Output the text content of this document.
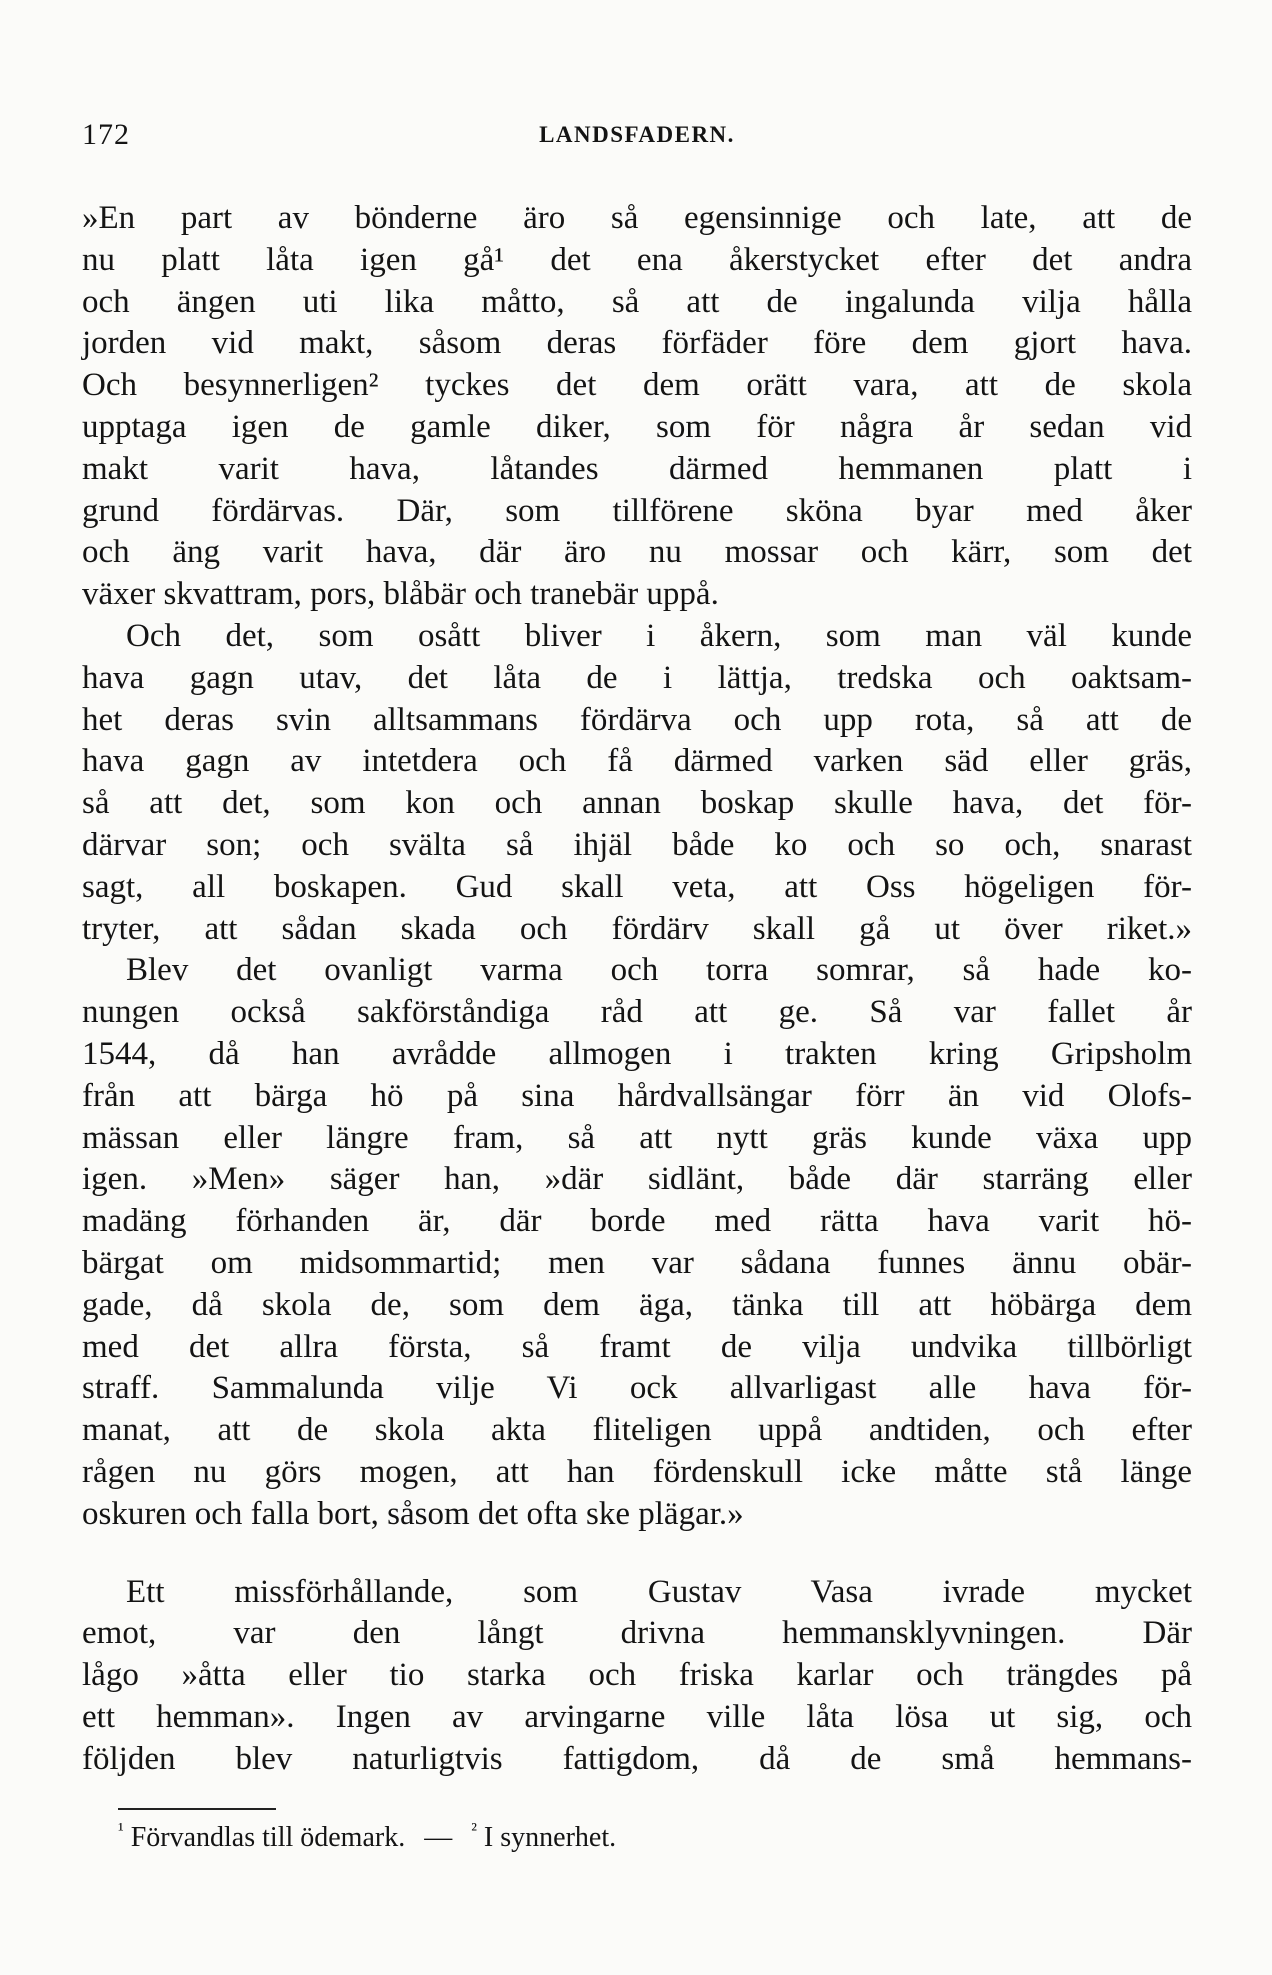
172	LANDSFADERN.
»En part av bönderne äro så egensinnige och late, att de
nu platt låta igen gå¹ det ena åkerstycket efter det andra
och ängen uti lika måtto, så att de ingalunda vilja hålla
jorden vid makt, såsom deras förfäder före dem gjort hava.
Och besynnerligen² tyckes det dem orätt vara, att de skola
upptaga igen de gamle diker, som för några år sedan vid
makt varit hava, låtandes därmed hemmanen platt i
grund fördärvas. Där, som tillförene sköna byar med åker
och äng varit hava, där äro nu mossar och kärr, som det
växer skvattram, pors, blåbär och tranebär uppå.
Och det, som osått bliver i åkern, som man väl kunde
hava gagn utav, det låta de i lättja, tredska och oaktsam-
het deras svin alltsammans fördärva och upp rota, så att de
hava gagn av intetdera och få därmed varken säd eller gräs,
så att det, som kon och annan boskap skulle hava, det för-
därvar son; och svälta så ihjäl både ko och so och, snarast
sagt, all boskapen. Gud skall veta, att Oss högeligen för-
tryter, att sådan skada och fördärv skall gå ut över riket.»
Blev det ovanligt varma och torra somrar, så hade ko-
nungen också sakförståndiga råd att ge. Så var fallet år
1544, då han avrådde allmogen i trakten kring Gripsholm
från att bärga hö på sina hårdvallsängar förr än vid Olofs-
mässan eller längre fram, så att nytt gräs kunde växa upp
igen. »Men» säger han, »där sidlänt, både där starräng eller
madäng förhanden är, där borde med rätta hava varit hö-
bärgat om midsommartid; men var sådana funnes ännu obär-
gade, då skola de, som dem äga, tänka till att höbärga dem
med det allra första, så framt de vilja undvika tillbörligt
straff. Sammalunda vilje Vi ock allvarligast alle hava för-
manat, att de skola akta fliteligen uppå andtiden, och efter
rågen nu görs mogen, att han fördenskull icke måtte stå länge
oskuren och falla bort, såsom det ofta ske plägar.»
Ett missförhållande, som Gustav Vasa ivrade mycket
emot, var den långt drivna hemmansklyvningen. Där
lågo »åtta eller tio starka och friska karlar och trängdes på
ett hemman». Ingen av arvingarne ville låta lösa ut sig, och
följden blev naturligtvis fattigdom, då de små hemmans-
$^{^1}$ Förvandlas till ödemark. — $^{^2}$ I synnerhet.
